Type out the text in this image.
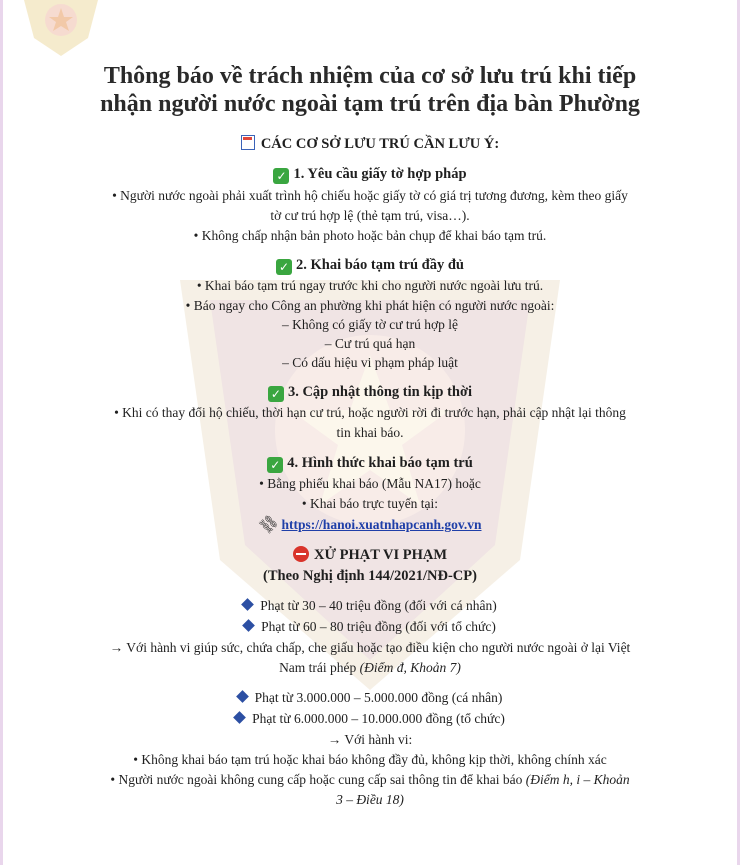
Thông báo về trách nhiệm của cơ sở lưu trú khi tiếp
nhận người nước ngoài tạm trú trên địa bàn Phường
CÁC CƠ SỞ LƯU TRÚ CẦN LƯU Ý:
✓ 1. Yêu cầu giấy tờ hợp pháp
• Người nước ngoài phải xuất trình hộ chiếu hoặc giấy tờ có giá trị tương đương, kèm theo giấy
tờ cư trú hợp lệ (thẻ tạm trú, visa…).
• Không chấp nhận bản photo hoặc bản chụp để khai báo tạm trú.
✓ 2. Khai báo tạm trú đầy đủ
• Khai báo tạm trú ngay trước khi cho người nước ngoài lưu trú.
• Báo ngay cho Công an phường khi phát hiện có người nước ngoài:
– Không có giấy tờ cư trú hợp lệ
– Cư trú quá hạn
– Có dấu hiệu vi phạm pháp luật
✓ 3. Cập nhật thông tin kịp thời
• Khi có thay đổi hộ chiếu, thời hạn cư trú, hoặc người rời đi trước hạn, phải cập nhật lại thông
tin khai báo.
✓ 4. Hình thức khai báo tạm trú
• Bằng phiếu khai báo (Mẫu NA17) hoặc
• Khai báo trực tuyến tại:
⛓https://hanoi.xuatnhapcanh.gov.vn
XỬ PHẠT VI PHẠM
(Theo Nghị định 144/2021/NĐ-CP)
Phạt từ 30 – 40 triệu đồng (đối với cá nhân)
Phạt từ 60 – 80 triệu đồng (đối với tổ chức)
→ Với hành vi giúp sức, chứa chấp, che giấu hoặc tạo điều kiện cho người nước ngoài ở lại Việt
Nam trái phép (Điểm đ, Khoản 7)
Phạt từ 3.000.000 – 5.000.000 đồng (cá nhân)
Phạt từ 6.000.000 – 10.000.000 đồng (tổ chức)
→ Với hành vi:
• Không khai báo tạm trú hoặc khai báo không đầy đủ, không kịp thời, không chính xác
• Người nước ngoài không cung cấp hoặc cung cấp sai thông tin để khai báo (Điểm h, i – Khoản
3 – Điều 18)
